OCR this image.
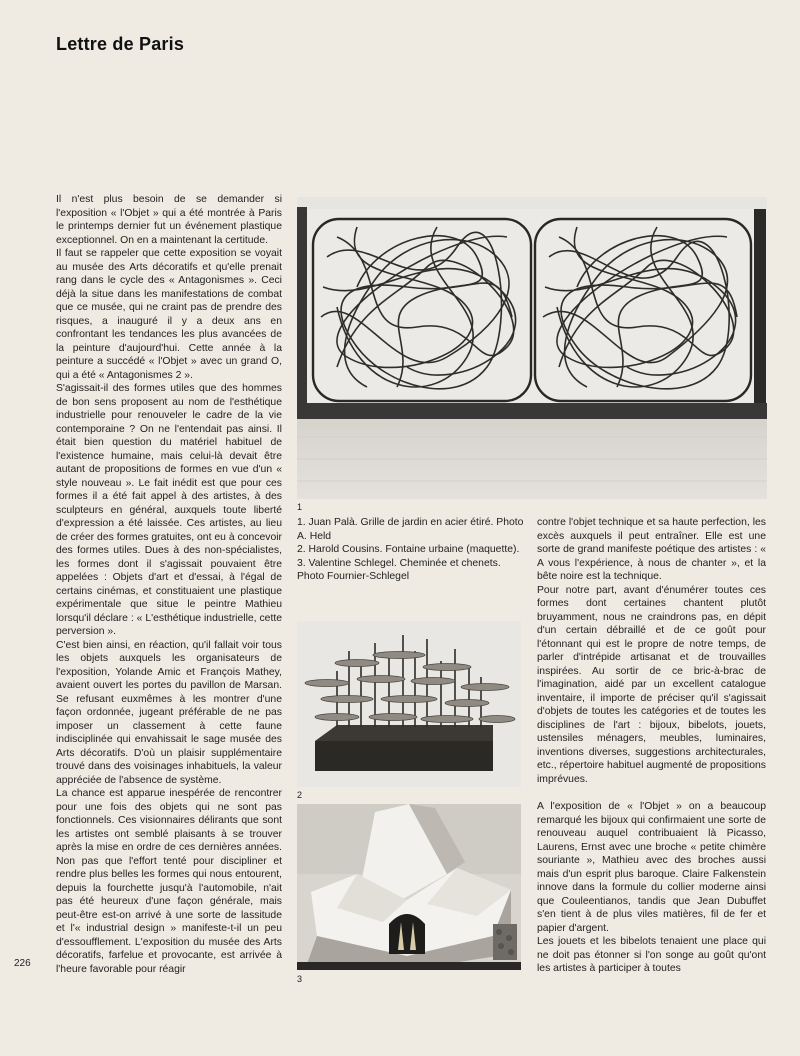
Lettre de Paris

Il n'est plus besoin de se demander si l'exposition « l'Objet » qui a été montrée à Paris le printemps dernier fut un événement plastique exceptionnel. On en a maintenant la certitude.

Il faut se rappeler que cette exposition se voyait au musée des Arts décoratifs et qu'elle prenait rang dans le cycle des « Antagonismes ». Ceci déjà la situe dans les manifestations de combat que ce musée, qui ne craint pas de prendre des risques, a inauguré il y a deux ans en confrontant les tendances les plus avancées de la peinture d'aujourd'hui. Cette année à la peinture a succédé « l'Objet » avec un grand O, qui a été « Antagonismes 2 ».

S'agissait-il des formes utiles que des hommes de bon sens proposent au nom de l'esthétique industrielle pour renouveler le cadre de la vie contemporaine ? On ne l'entendait pas ainsi. Il était bien question du matériel habituel de l'existence humaine, mais celui-là devait être autant de propositions de formes en vue d'un « style nouveau ». Le fait inédit est que pour ces formes il a été fait appel à des artistes, à des sculpteurs en général, auxquels toute liberté d'expression a été laissée. Ces artistes, au lieu de créer des formes gratuites, ont eu à concevoir des formes utiles. Dues à des non-spécialistes, les formes dont il s'agissait pouvaient être appelées : Objets d'art et d'essai, à l'égal de certains cinémas, et constituaient une plastique expérimentale que situe le peintre Mathieu lorsqu'il déclare : « L'esthétique industrielle, cette perversion ».

C'est bien ainsi, en réaction, qu'il fallait voir tous les objets auxquels les organisateurs de l'exposition, Yolande Amic et François Mathey, avaient ouvert les portes du pavillon de Marsan. Se refusant euxmêmes à les montrer d'une façon ordonnée, jugeant préférable de ne pas imposer un classement à cette faune indisciplinée qui envahissait le sage musée des Arts décoratifs. D'où un plaisir supplémentaire trouvé dans des voisinages inhabituels, la valeur appréciée de l'absence de système.

La chance est apparue inespérée de rencontrer pour une fois des objets qui ne sont pas fonctionnels. Ces visionnaires délirants que sont les artistes ont semblé plaisants à se trouver après la mise en ordre de ces dernières années. Non pas que l'effort tenté pour discipliner et rendre plus belles les formes qui nous entourent, depuis la fourchette jusqu'à l'automobile, n'ait pas été heureux d'une façon générale, mais peut-être est-on arrivé à une sorte de lassitude et l'« industrial design » manifeste-t-il un peu d'essoufflement. L'exposition du musée des Arts décoratifs, farfelue et provocante, est arrivée à l'heure favorable pour réagir

1

1. Juan Palà. Grille de jardin en acier étiré. Photo A. Held

2. Harold Cousins. Fontaine urbaine (maquette).

3. Valentine Schlegel. Cheminée et chenets. Photo Fournier-Schlegel

contre l'objet technique et sa haute perfection, les excès auxquels il peut entraîner. Elle est une sorte de grand manifeste poétique des artistes : « A vous l'expérience, à nous de chanter », et la bête noire est la technique.

Pour notre part, avant d'énumérer toutes ces formes dont certaines chantent plutôt bruyamment, nous ne craindrons pas, en dépit d'un certain débraillé et de ce goût pour l'étonnant qui est le propre de notre temps, de parler d'intrépide artisanat et de trouvailles inspirées. Au sortir de ce bric-à-brac de l'imagination, aidé par un excellent catalogue inventaire, il importe de préciser qu'il s'agissait d'objets de toutes les catégories et de toutes les disciplines de l'art : bijoux, bibelots, jouets, ustensiles ménagers, meubles, luminaires, inventions diverses, suggestions architecturales, etc., répertoire habituel augmenté de propositions imprévues.

2
3

A l'exposition de « l'Objet » on a beaucoup remarqué les bijoux qui confirmaient une sorte de renouveau auquel contribuaient là Picasso, Laurens, Ernst avec une broche « petite chimère souriante », Mathieu avec des broches aussi mais d'un esprit plus baroque. Claire Falkenstein innove dans la formule du collier moderne ainsi que Couleentianos, tandis que Jean Dubuffet s'en tient à de plus viles matières, fil de fer et papier d'argent.

Les jouets et les bibelots tenaient une place qui ne doit pas étonner si l'on songe au goût qu'ont les artistes à participer à toutes

226
